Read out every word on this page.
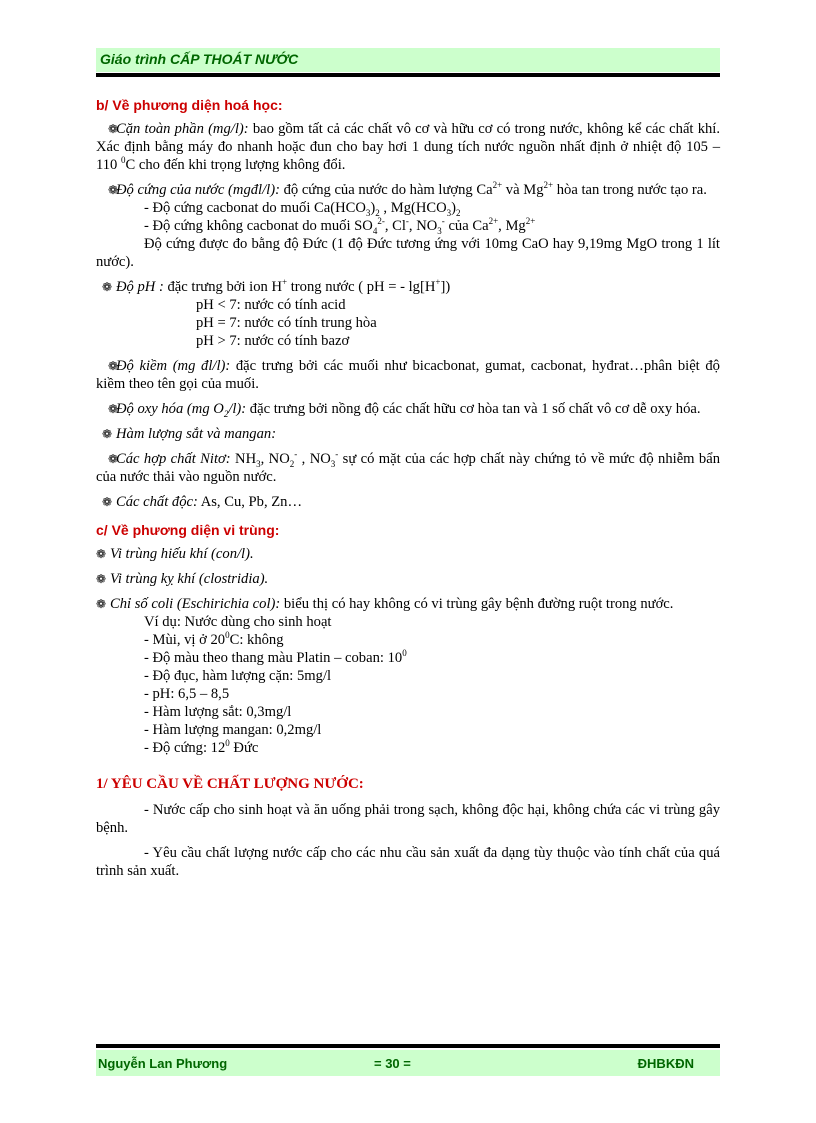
Giáo trình CẤP THOÁT NƯỚC
b/ Về phương diện hoá học:

❁Cặn toàn phần (mg/l): bao gồm tất cả các chất vô cơ và hữu cơ có trong nước, không kể các chất khí. Xác định bằng máy đo nhanh hoặc đun cho bay hơi 1 dung tích nước nguồn nhất định ở nhiệt độ 105 – 110 $^0$C cho đến khi trọng lượng không đổi.

❁Độ cứng của nước (mgđl/l): độ cứng của nước do hàm lượng $Ca^{2+}$ và $Mg^{2+}$ hòa tan trong nước tạo ra.

- Độ cứng cacbonat do muối $Ca(HCO_3)_2$ , $Mg(HCO_3)_2$

- Độ cứng không cacbonat do muối $SO_4^{2-}$, Cl-, $NO_3^-$ của $Ca^{2+}$, $Mg^{2+}$

Độ cứng được đo bằng độ Đức (1 độ Đức tương ứng với 10mg CaO hay 9,19mg MgO trong 1 lít nước).

❁ Độ pH : đặc trưng bởi ion H+ trong nước ( pH = - lg[H+])

pH < 7: nước có tính acid

pH = 7: nước có tính trung hòa

pH > 7: nước có tính bazơ

❁Độ kiềm (mg đl/l): đặc trưng bởi các muối như bicacbonat, gumat, cacbonat, hyđrat…phân biệt độ kiềm theo tên gọi của muối.

❁Độ oxy hóa (mg $O_2/l$): đặc trưng bởi nồng độ các chất hữu cơ hòa tan và 1 số chất vô cơ dễ oxy hóa.

❁ Hàm lượng sắt và mangan:

❁Các hợp chất Nitơ: $NH_3$, $NO_2^-$ , $NO_3^-$ sự có mặt của các hợp chất này chứng tỏ về mức độ nhiễm bẩn của nước thải vào nguồn nước.

❁ Các chất độc: As, Cu, Pb, Zn…

c/ Về phương diện vi trùng:

❁ Vi trùng hiếu khí (con/l).

❁ Vi trùng kỵ khí (clostridia).

❁ Chỉ số coli (Eschirichia col): biểu thị có hay không có vi trùng gây bệnh đường ruột trong nước.

Ví dụ: Nước dùng cho sinh hoạt

- Mùi, vị ở $20^0C$: không

- Độ màu theo thang màu Platin – coban: $10^0$

- Độ đục, hàm lượng cặn: 5mg/l

- pH: 6,5 – 8,5

- Hàm lượng sắt: 0,3mg/l

- Hàm lượng mangan: 0,2mg/l

- Độ cứng: $12^0$ Đức

1/ YÊU CẦU VỀ CHẤT LƯỢNG NƯỚC:

- Nước cấp cho sinh hoạt và ăn uống phải trong sạch, không độc hại, không chứa các vi trùng gây bệnh.

- Yêu cầu chất lượng nước cấp cho các nhu cầu sản xuất đa dạng tùy thuộc vào tính chất của quá trình sản xuất.

Nguyễn Lan Phương	= 30 =	ĐHBKĐN
